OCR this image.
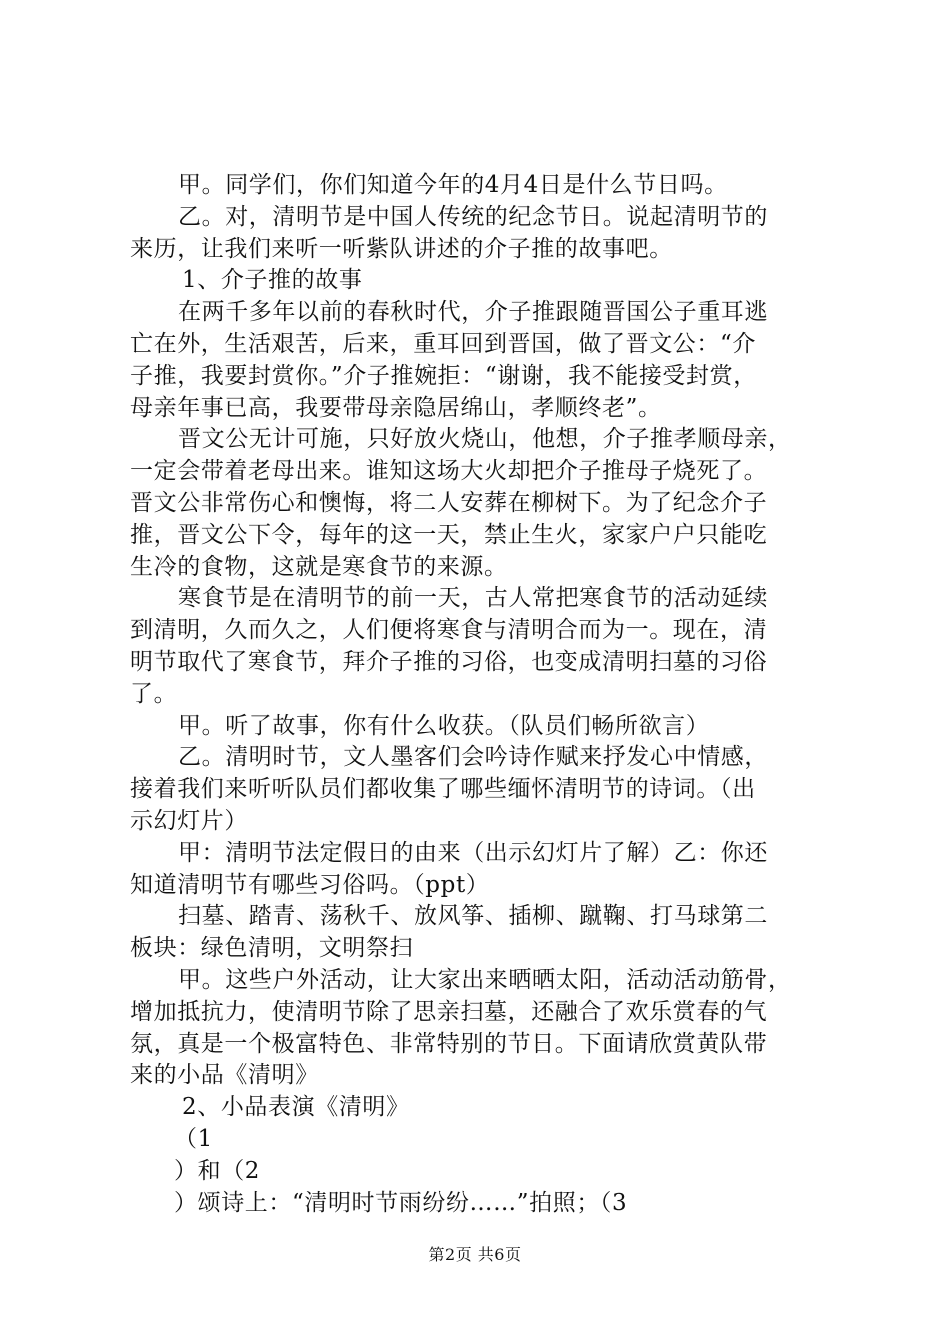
甲。同学们，你们知道今年的4月4日是什么节日吗。
乙。对，清明节是中国人传统的纪念节日。说起清明节的
来历，让我们来听一听紫队讲述的介子推的故事吧。
1、介子推的故事
在两千多年以前的春秋时代，介子推跟随晋国公子重耳逃
亡在外，生活艰苦，后来，重耳回到晋国，做了晋文公：“介
子推，我要封赏你。”介子推婉拒：“谢谢，我不能接受封赏，
母亲年事已高，我要带母亲隐居绵山，孝顺终老”。
晋文公无计可施，只好放火烧山，他想，介子推孝顺母亲，
一定会带着老母出来。谁知这场大火却把介子推母子烧死了。
晋文公非常伤心和懊悔，将二人安葬在柳树下。为了纪念介子
推，晋文公下令，每年的这一天，禁止生火，家家户户只能吃
生冷的食物，这就是寒食节的来源。
寒食节是在清明节的前一天，古人常把寒食节的活动延续
到清明，久而久之，人们便将寒食与清明合而为一。现在，清
明节取代了寒食节，拜介子推的习俗，也变成清明扫墓的习俗
了。
甲。听了故事，你有什么收获。（队员们畅所欲言）
乙。清明时节，文人墨客们会吟诗作赋来抒发心中情感，
接着我们来听听队员们都收集了哪些缅怀清明节的诗词。（出
示幻灯片）
甲：清明节法定假日的由来（出示幻灯片了解）乙：你还
知道清明节有哪些习俗吗。（ppt）
扫墓、踏青、荡秋千、放风筝、插柳、蹴鞠、打马球第二
板块：绿色清明，文明祭扫
甲。这些户外活动，让大家出来晒晒太阳，活动活动筋骨，
增加抵抗力，使清明节除了思亲扫墓，还融合了欢乐赏春的气
氛，真是一个极富特色、非常特别的节日。下面请欣赏黄队带
来的小品《清明》
2、小品表演《清明》
（1
）和（2
）颂诗上：“清明时节雨纷纷……”拍照；（3
第2页 共6页
